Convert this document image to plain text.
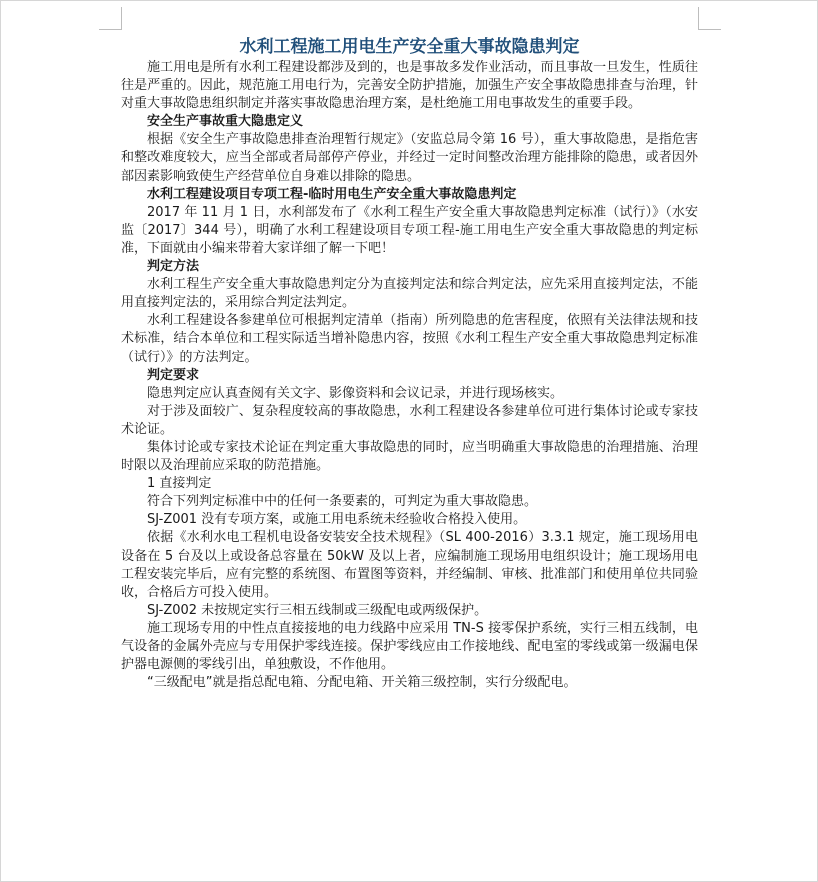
水利工程施工用电生产安全重大事故隐患判定

施工用电是所有水利工程建设都涉及到的，也是事故多发作业活动，而且事故一旦发生，性质往往是严重的。因此，规范施工用电行为，完善安全防护措施，加强生产安全事故隐患排查与治理，针对重大事故隐患组织制定并落实事故隐患治理方案，是杜绝施工用电事故发生的重要手段。

安全生产事故重大隐患定义

根据《安全生产事故隐患排查治理暂行规定》（安监总局令第 16 号），重大事故隐患，是指危害和整改难度较大，应当全部或者局部停产停业，并经过一定时间整改治理方能排除的隐患，或者因外部因素影响致使生产经营单位自身难以排除的隐患。

水利工程建设项目专项工程-临时用电生产安全重大事故隐患判定

2017 年 11 月 1 日，水利部发布了《水利工程生产安全重大事故隐患判定标准（试行）》（水安监〔2017〕344 号），明确了水利工程建设项目专项工程-施工用电生产安全重大事故隐患的判定标准，下面就由小编来带着大家详细了解一下吧！

判定方法

水利工程生产安全重大事故隐患判定分为直接判定法和综合判定法，应先采用直接判定法，不能用直接判定法的，采用综合判定法判定。

水利工程建设各参建单位可根据判定清单（指南）所列隐患的危害程度，依照有关法律法规和技术标准，结合本单位和工程实际适当增补隐患内容，按照《水利工程生产安全重大事故隐患判定标准（试行）》的方法判定。

判定要求

隐患判定应认真查阅有关文字、影像资料和会议记录，并进行现场核实。

对于涉及面较广、复杂程度较高的事故隐患，水利工程建设各参建单位可进行集体讨论或专家技术论证。

集体讨论或专家技术论证在判定重大事故隐患的同时，应当明确重大事故隐患的治理措施、治理时限以及治理前应采取的防范措施。

1 直接判定

符合下列判定标准中中的任何一条要素的，可判定为重大事故隐患。

SJ-Z001 没有专项方案，或施工用电系统未经验收合格投入使用。

依据《水利水电工程机电设备安装安全技术规程》（SL 400-2016）3.3.1 规定，施工现场用电设备在 5 台及以上或设备总容量在 50kW 及以上者，应编制施工现场用电组织设计；施工现场用电工程安装完毕后，应有完整的系统图、布置图等资料，并经编制、审核、批准部门和使用单位共同验收，合格后方可投入使用。

SJ-Z002 未按规定实行三相五线制或三级配电或两级保护。

施工现场专用的中性点直接接地的电力线路中应采用 TN-S 接零保护系统，实行三相五线制，电气设备的金属外壳应与专用保护零线连接。保护零线应由工作接地线、配电室的零线或第一级漏电保护器电源侧的零线引出，单独敷设，不作他用。

“三级配电”就是指总配电箱、分配电箱、开关箱三级控制，实行分级配电。
